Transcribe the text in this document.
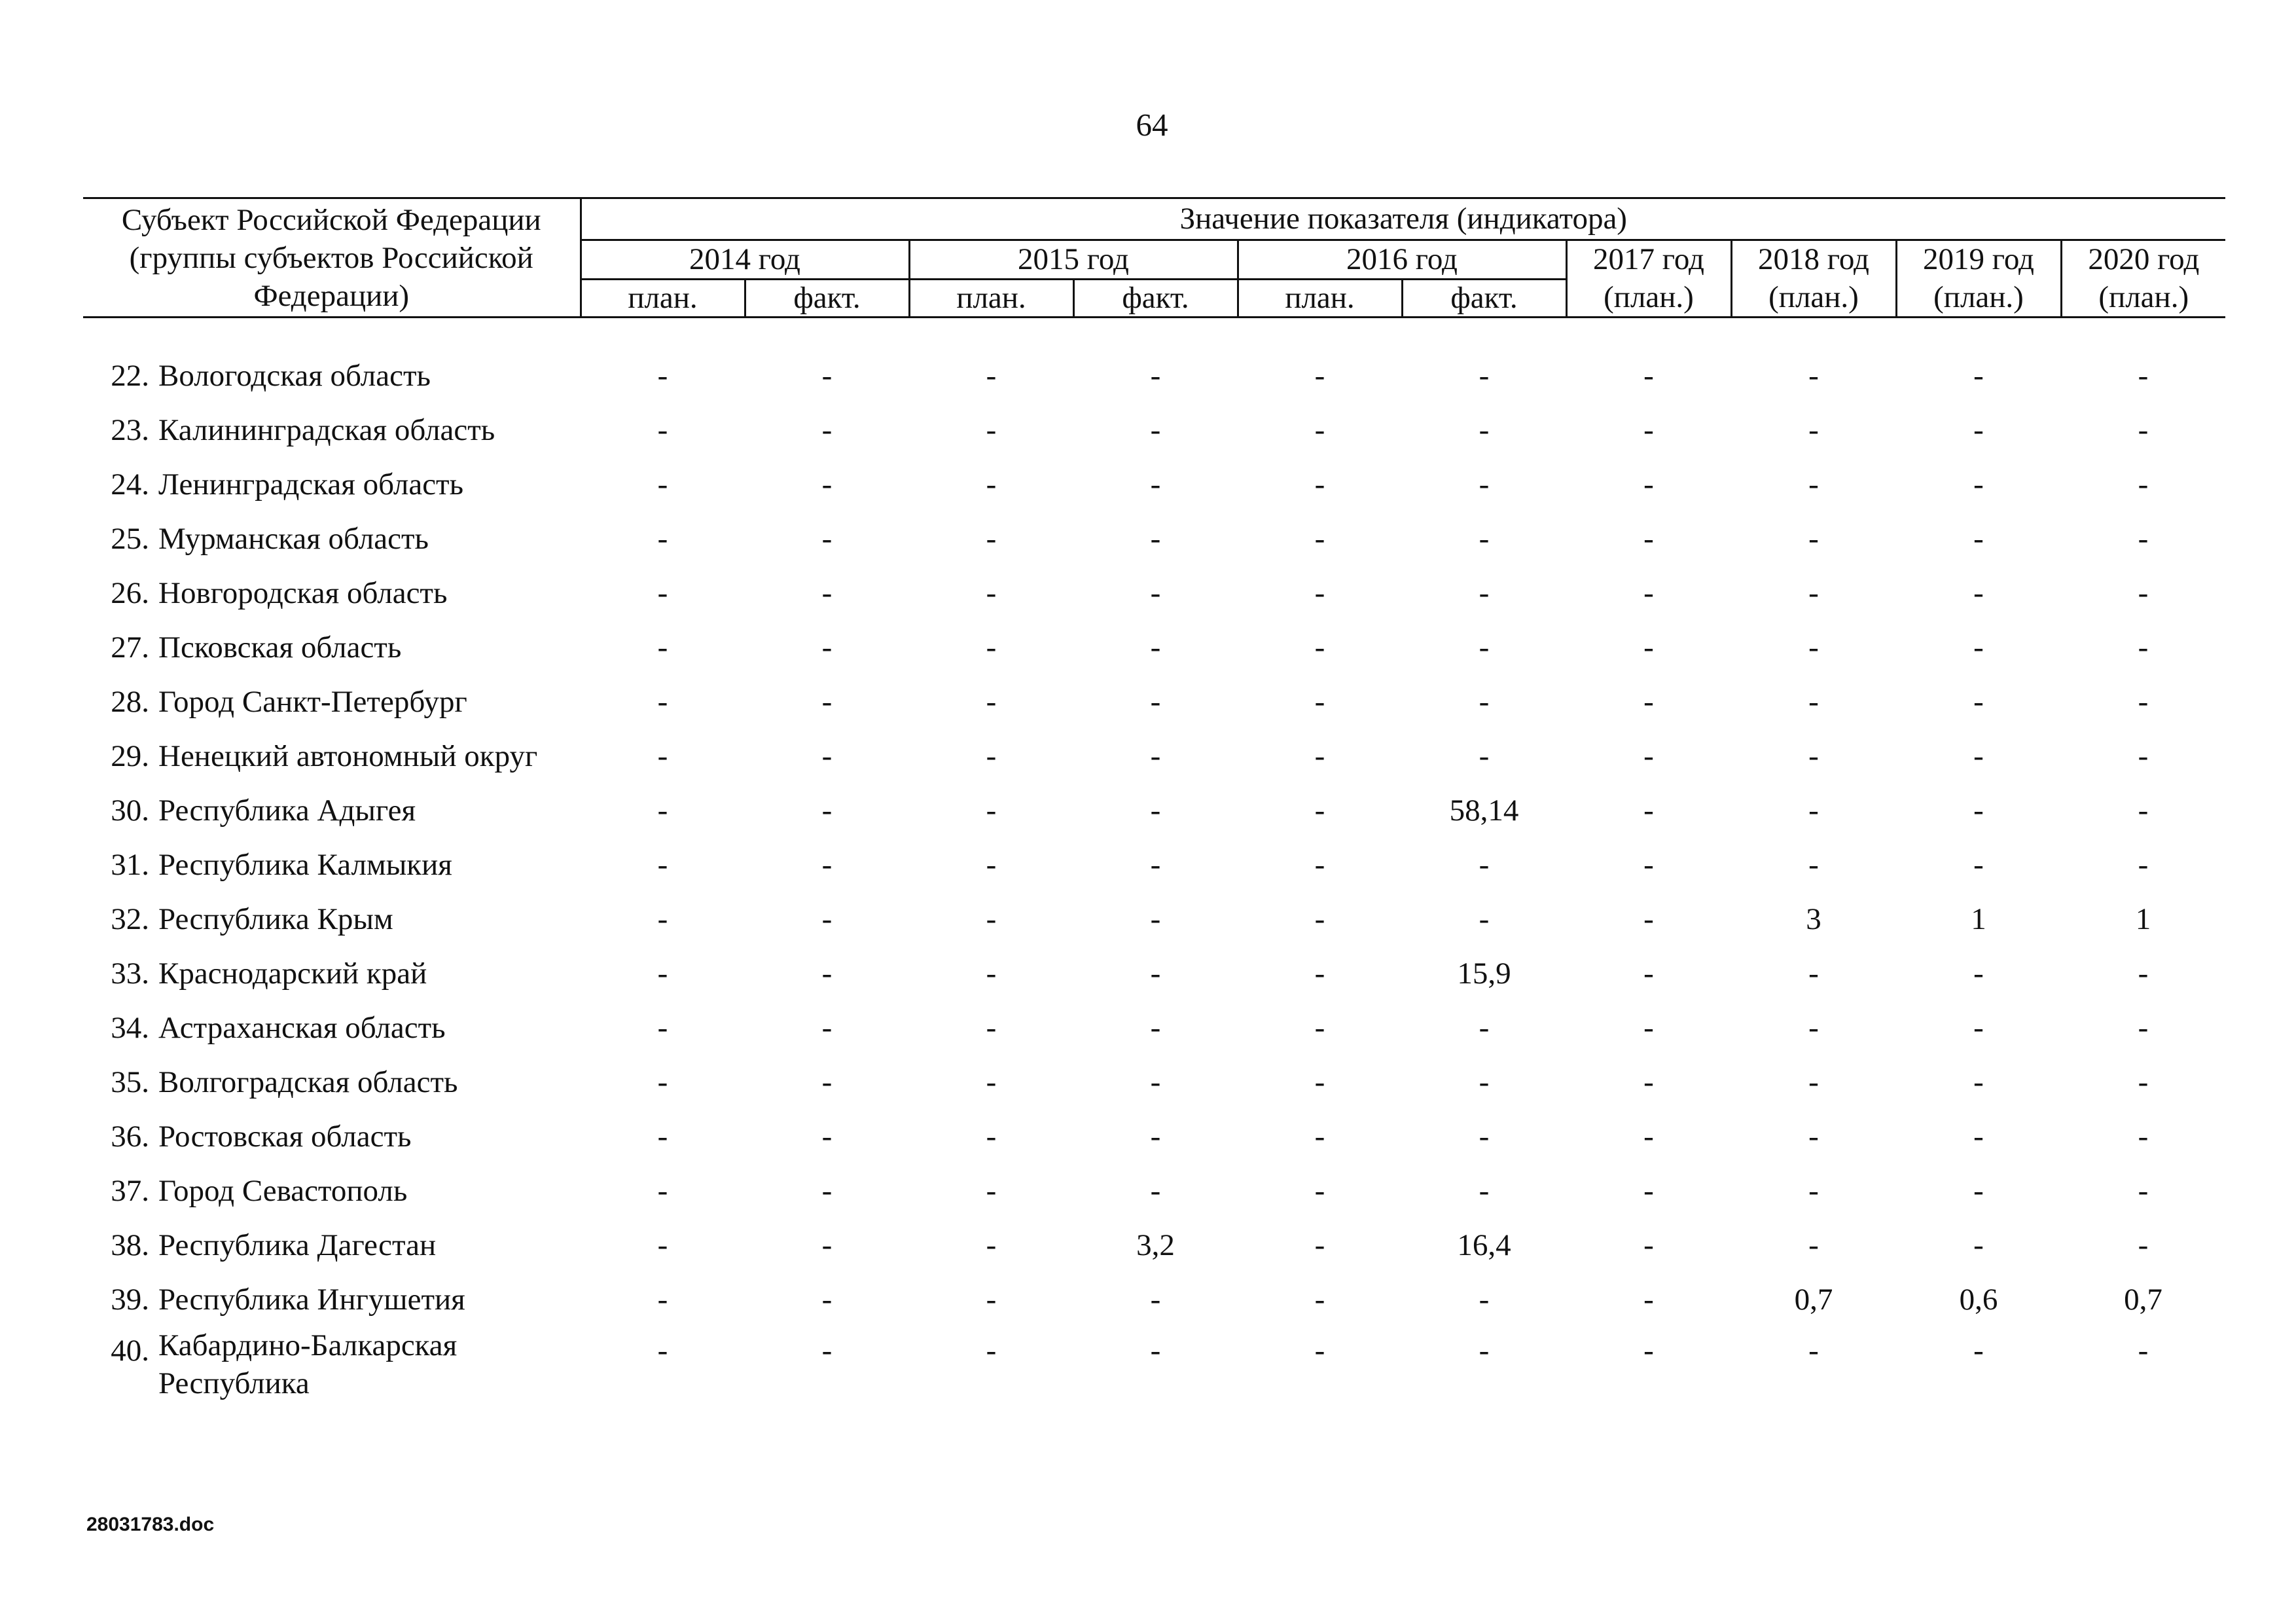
64
Субъект Российской Федерации (группы субъектов Российской Федерации)	Значение показателя (индикатора)									
	2014 год		2015 год		2016 год		2017 год	2018 год	2019 год	2020 год
	план.	факт.	план.	факт.	план.	факт.	(план.)	(план.)	(план.)	(план.)
22.	Вологодская область	-	-	-	-	-	-	-	-	-	-
23.	Калининградская область	-	-	-	-	-	-	-	-	-	-
24.	Ленинградская область	-	-	-	-	-	-	-	-	-	-
25.	Мурманская область	-	-	-	-	-	-	-	-	-	-
26.	Новгородская область	-	-	-	-	-	-	-	-	-	-
27.	Псковская область	-	-	-	-	-	-	-	-	-	-
28.	Город Санкт-Петербург	-	-	-	-	-	-	-	-	-	-
29.	Ненецкий автономный округ	-	-	-	-	-	-	-	-	-	-
30.	Республика Адыгея	-	-	-	-	-	58,14	-	-	-	-
31.	Республика Калмыкия	-	-	-	-	-	-	-	-	-	-
32.	Республика Крым	-	-	-	-	-	-	-	3	1	1
33.	Краснодарский край	-	-	-	-	-	15,9	-	-	-	-
34.	Астраханская область	-	-	-	-	-	-	-	-	-	-
35.	Волгоградская область	-	-	-	-	-	-	-	-	-	-
36.	Ростовская область	-	-	-	-	-	-	-	-	-	-
37.	Город Севастополь	-	-	-	-	-	-	-	-	-	-
38.	Республика Дагестан	-	-	-	3,2	-	16,4	-	-	-	-
39.	Республика Ингушетия	-	-	-	-	-	-	-	0,7	0,6	0,7
40.	Кабардино-Балкарская Республика	-	-	-	-	-	-	-	-	-	-
28031783.doc
